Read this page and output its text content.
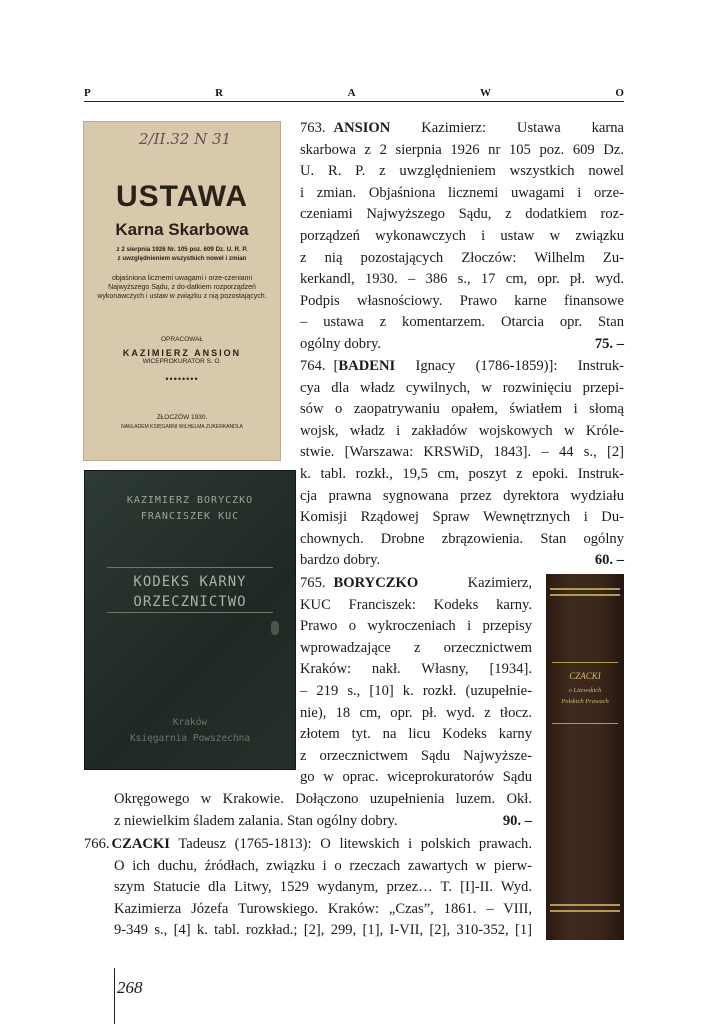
P	R	A	W	O
2/II.32 N 31
USTAWA
Karna Skarbowa
z 2 sierpnia 1926 Nr. 105 poz. 609 Dz. U. R. P.
z uwzględnieniem wszystkich nowel i zmian
objaśniona licznemi uwagami i orze-czeniami Najwyższego Sądu, z do-datkiem rozporządzeń wykonawczych i ustaw w związku z nią pozostających.
OPRACOWAŁ
KAZIMIERZ ANSION
WICEPROKURATOR S. O.
••••••••
ZŁOCZÓW 1930.
NAKŁADEM KSIĘGARNI WILHELMA ZUKERKANDLA
KAZIMIERZ BORYCZKO
FRANCISZEK KUC
KODEKS KARNY
ORZECZNICTWO
Kraków
Księgarnia Powszechna

763. ANSION Kazimierz: Ustawa karna
skarbowa z 2 sierpnia 1926 nr 105 poz. 609 Dz.
U. R. P. z uwzględnieniem wszystkich nowel
i zmian. Objaśniona licznemi uwagami i orze-
czeniami Najwyższego Sądu, z dodatkiem roz-
porządzeń wykonawczych i ustaw w związku
z nią pozostających Złoczów: Wilhelm Zu-
kerkandl, 1930. – 386 s., 17 cm, opr. pł. wyd.
Podpis własnościowy. Prawo karne finansowe
– ustawa z komentarzem. Otarcia opr. Stan
ogólny dobry.	75. –

764. [BADENI Ignacy (1786-1859)]: Instruk-
cya dla władz cywilnych, w rozwinięciu przepi-
sów o zaopatrywaniu opałem, światłem i słomą
wojsk, władz i zakładów wojskowych w Króle-
stwie. [Warszawa: KRSWiD, 1843]. – 44 s., [2]
k. tabl. rozkł., 19,5 cm, poszyt z epoki. Instruk-
cja prawna sygnowana przez dyrektora wydziału
Komisji Rządowej Spraw Wewnętrznych i Du-
chownych. Drobne zbrązowienia. Stan ogólny
bardzo dobry.	60. –

765. BORYCZKO Kazimierz,
KUC Franciszek: Kodeks karny.
Prawo o wykroczeniach i przepisy
wprowadzające z orzecznictwem
Kraków: nakł. Własny, [1934].
– 219 s., [10] k. rozkł. (uzupełnie-
nie), 18 cm, opr. pł. wyd. z tłocz.
złotem tyt. na licu Kodeks karny
z orzecznictwem Sądu Najwyższe-
go w oprac. wiceprokuratorów Sądu

Okręgowego w Krakowie. Dołączono uzupełnienia luzem. Okł.
z niewielkim śladem zalania. Stan ogólny dobry.	90. –

766. CZACKI Tadeusz (1765-1813): O litewskich i polskich prawach.
O ich duchu, źródłach, związku i o rzeczach zawartych w pierw-
szym Statucie dla Litwy, 1529 wydanym, przez… T. [I]-II. Wyd.
Kazimierza Józefa Turowskiego. Kraków: „Czas”, 1861. – VIII,
9-349 s., [4] k. tabl. rozkład.; [2], 299, [1], I-VII, [2], 310-352, [1]
CZACKI
o Litewskich
Polskich Prawach
268
